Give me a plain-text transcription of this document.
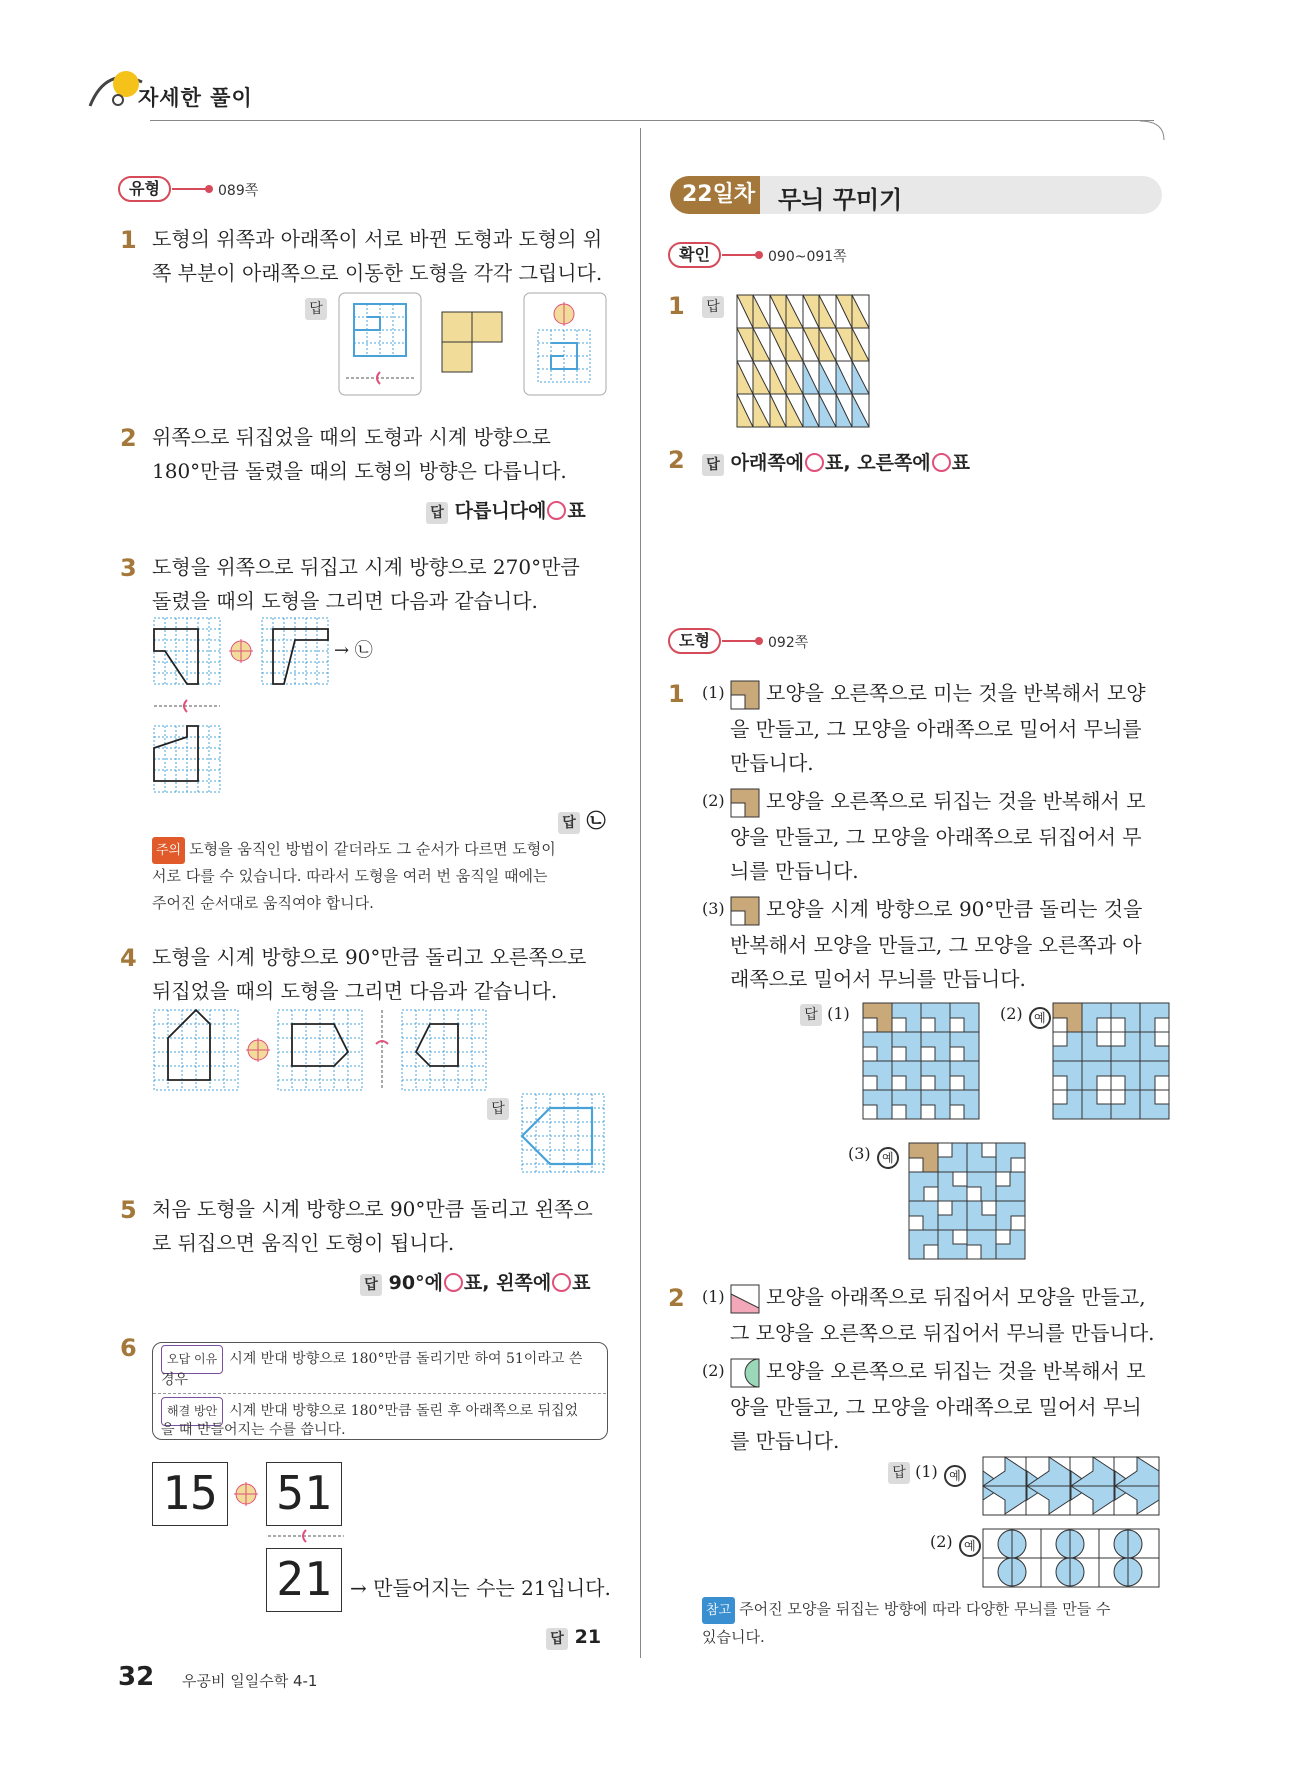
자세한 풀이
유형	089쪽
1 도형의 위쪽과 아래쪽이 서로 바뀐 도형과 도형의 위
쪽 부분이 아래쪽으로 이동한 도형을 각각 그립니다.
답
2 위쪽으로 뒤집었을 때의 도형과 시계 방향으로
180°만큼 돌렸을 때의 도형의 방향은 다릅니다.
답 다릅니다에○표
3 도형을 위쪽으로 뒤집고 시계 방향으로 270°만큼
돌렸을 때의 도형을 그리면 다음과 같습니다.
→ ㉡
답 ㉡
주의 도형을 움직인 방법이 같더라도 그 순서가 다르면 도형이
서로 다를 수 있습니다. 따라서 도형을 여러 번 움직일 때에는
주어진 순서대로 움직여야 합니다.
4 도형을 시계 방향으로 90°만큼 돌리고 오른쪽으로
뒤집었을 때의 도형을 그리면 다음과 같습니다.
답
5 처음 도형을 시계 방향으로 90°만큼 돌리고 왼쪽으
로 뒤집으면 움직인 도형이 됩니다.
답 90°에○표, 왼쪽에○표
6	오답 이유 시계 반대 방향으로 180°만큼 돌리기만 하여 51이라고 쓴
경우
해결 방안 시계 반대 방향으로 180°만큼 돌린 후 아래쪽으로 뒤집었
을 때 만들어지는 수를 씁니다.
15 51
21 → 만들어지는 수는 21입니다.
답 21
22일차 무늬 꾸미기
확인	090~091쪽
1	답
2	답 아래쪽에○표, 오른쪽에○표
도형	092쪽
1 (1) 모양을 오른쪽으로 미는 것을 반복해서 모양
을 만들고, 그 모양을 아래쪽으로 밀어서 무늬를
만듭니다.
(2) 모양을 오른쪽으로 뒤집는 것을 반복해서 모
양을 만들고, 그 모양을 아래쪽으로 뒤집어서 무
늬를 만듭니다.
(3) 모양을 시계 방향으로 90°만큼 돌리는 것을
반복해서 모양을 만들고, 그 모양을 오른쪽과 아
래쪽으로 밀어서 무늬를 만듭니다.
답 (1)	(2) 예
(3) 예
2 (1) 모양을 아래쪽으로 뒤집어서 모양을 만들고,
그 모양을 오른쪽으로 뒤집어서 무늬를 만듭니다.
(2) 모양을 오른쪽으로 뒤집는 것을 반복해서 모
양을 만들고, 그 모양을 아래쪽으로 밀어서 무늬
를 만듭니다.
답 (1) 예
(2) 예
참고 주어진 모양을 뒤집는 방향에 따라 다양한 무늬를 만들 수
있습니다.
32 우공비 일일수학 4-1
